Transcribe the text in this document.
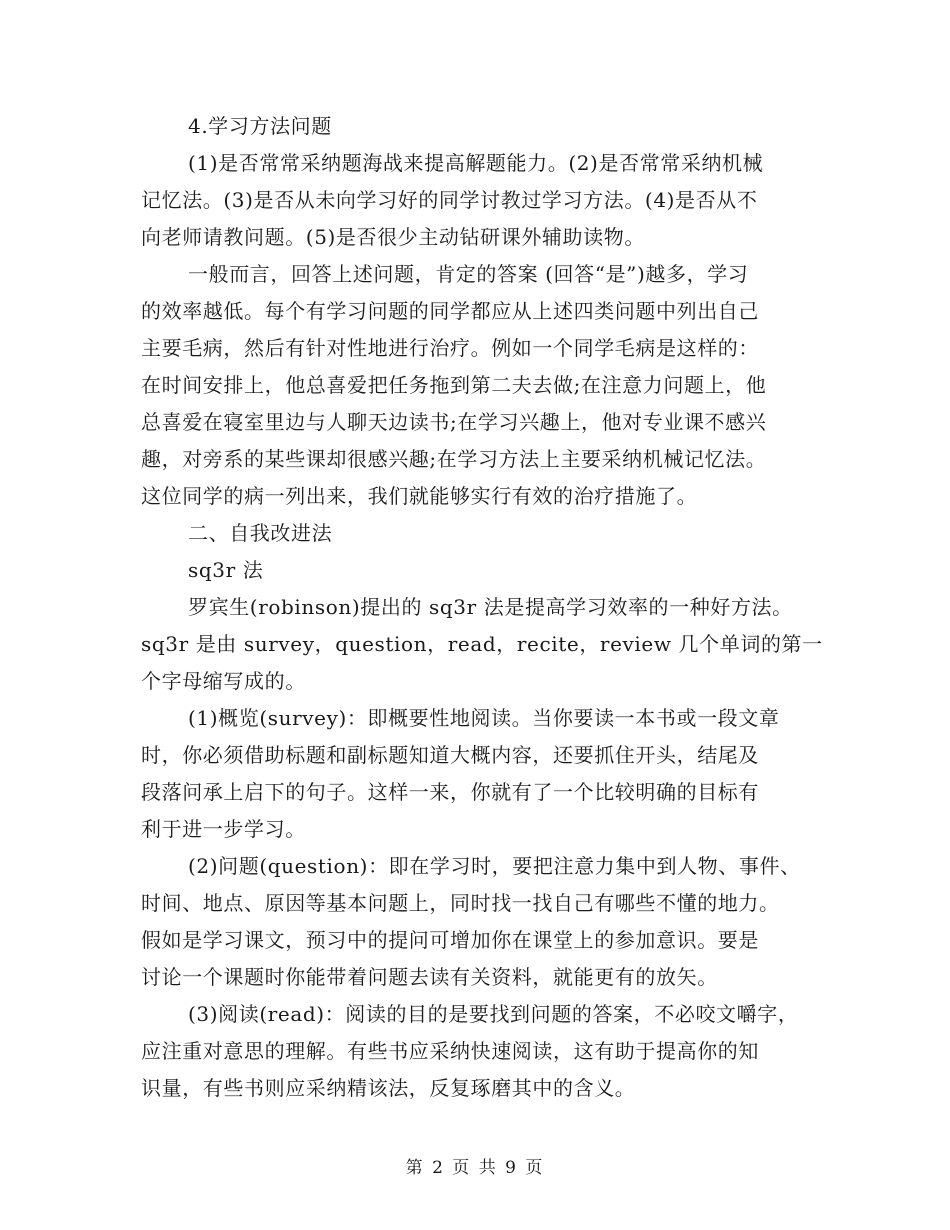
4.学习方法问题
(1)是否常常采纳题海战来提高解题能力。(2)是否常常采纳机械
记忆法。(3)是否从未向学习好的同学讨教过学习方法。(4)是否从不
向老师请教问题。(5)是否很少主动钻研课外辅助读物。
一般而言，回答上述问题，肯定的答案 (回答“是”)越多，学习
的效率越低。每个有学习问题的同学都应从上述四类问题中列出自己
主要毛病，然后有针对性地进行治疗。例如一个同学毛病是这样的：
在时间安排上，他总喜爱把任务拖到第二夫去做;在注意力问题上，他
总喜爱在寝室里边与人聊天边读书;在学习兴趣上，他对专业课不感兴
趣，对旁系的某些课却很感兴趣;在学习方法上主要采纳机械记忆法。
这位同学的病一列出来，我们就能够实行有效的治疗措施了。
二、自我改进法
sq3r 法
罗宾生(robinson)提出的 sq3r 法是提高学习效率的一种好方法。
sq3r 是由 survey，question，read，recite，review 几个单词的第一
个字母缩写成的。
(1)概览(survey)：即概要性地阅读。当你要读一本书或一段文章
时，你必须借助标题和副标题知道大概内容，还要抓住开头，结尾及
段落问承上启下的句子。这样一来，你就有了一个比较明确的目标有
利于进一步学习。
(2)问题(question)：即在学习时，要把注意力集中到人物、事件、
时间、地点、原因等基本问题上，同时找一找自己有哪些不懂的地力。
假如是学习课文，预习中的提问可增加你在课堂上的参加意识。要是
讨论一个课题时你能带着问题去读有关资料，就能更有的放矢。
(3)阅读(read)：阅读的目的是要找到问题的答案，不必咬文嚼字，
应注重对意思的理解。有些书应采纳快速阅读，这有助于提高你的知
识量，有些书则应采纳精该法，反复琢磨其中的含义。
第 2 页 共 9 页
